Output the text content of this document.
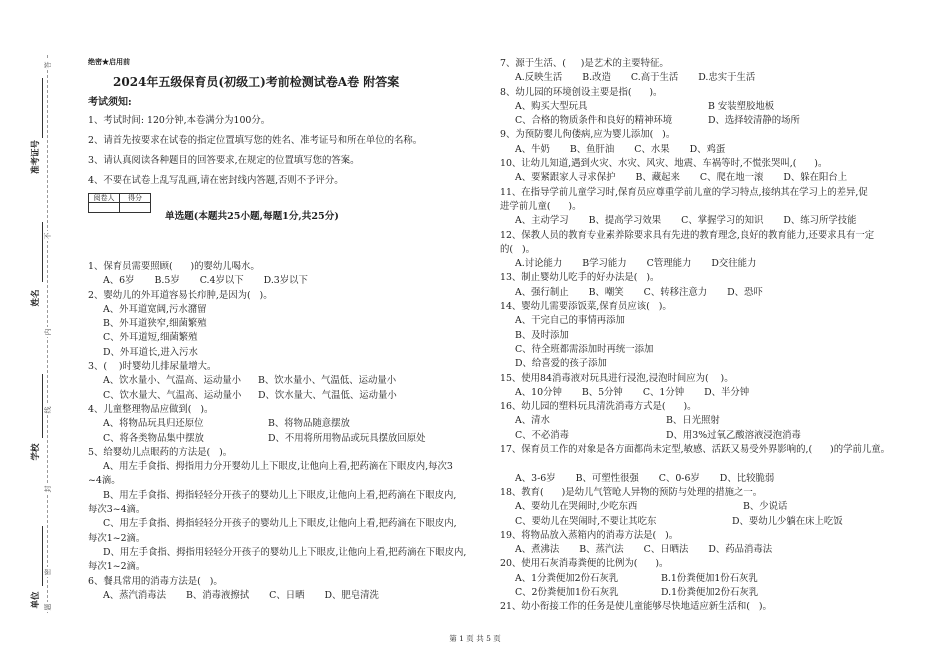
准考证号
姓名
学校
单位
答
不
内
线
封
密
题
绝密★启用前
2024年五级保育员(初级工)考前检测试卷A卷 附答案
考试须知:
1、考试时间: 120分钟,本卷满分为100分。
2、请首先按要求在试卷的指定位置填写您的姓名、准考证号和所在单位的名称。
3、请认真阅读各种题目的回答要求,在规定的位置填写您的答案。
4、不要在试卷上乱写乱画,请在密封线内答题,否则不予评分。
阅卷人	得分

单选题(本题共25小题,每题1分,共25分)
1、保育员需要照顾(      )的婴幼儿喝水。
A、6岁 B.5岁 C.4岁以下 D.3岁以下
2、婴幼儿的外耳道容易长疖肿,是因为(   )。
A、外耳道宽阔,污水潴留
B、外耳道狭窄,细菌繁殖
C、外耳道短,细菌繁殖
D、外耳道长,进入污水
3、(    )时婴幼儿排尿量增大。
A、饮水量小、气温高、运动量小 B、饮水量小、气温低、运动量小
C、饮水量大、气温高、运动量小 D、饮水量大、气温低、运动量小
4、儿童整理物品应做到(   )。
A、将物品玩具归还原位	B、将物品随意摆放
C、将各类物品集中摆放	D、不用将所用物品或玩具摆放回原处
5、给婴幼儿点眼药的方法是(   )。
A、用左手食指、拇指用力分开婴幼儿上下眼皮,让他向上看,把药滴在下眼皮内,每次3
~4滴。
B、用左手食指、拇指轻轻分开孩子的婴幼儿上下眼皮,让他向上看,把药滴在下眼皮内,
每次3~4滴。
C、用左手食指、拇指轻轻分开孩子的婴幼儿上下眼皮,让他向上看,把药滴在下眼皮内,
每次1~2滴。
D、用左手食指、拇指用轻轻分开孩子的婴幼儿上下眼皮,让他向上看,把药滴在下眼皮内,
每次1~2滴。
6、餐具常用的消毒方法是(   )。
A、蒸汽消毒法 B、消毒液擦拭 C、日晒 D、肥皂清洗
7、源于生活、(     )是艺术的主要特征。
A.反映生活 B.改造 C.高于生活 D.忠实于生活
8、幼儿园的环境创设主要是指(      )。
A、购买大型玩具	B 安装塑胶地板
C、合格的物质条件和良好的精神环境	D、选择较清静的场所
9、为预防婴儿佝偻病,应为婴儿添加(   )。
A、牛奶 B、鱼肝油 C、水果 D、鸡蛋
10、让幼儿知道,遇到火灾、水灾、风灾、地震、车祸等时,不慌张哭叫,(      )。
A、要紧跟家人寻求保护 B、藏起来 C、爬在地一滚 D、躲在阳台上
11、在指导学前儿童学习时,保育员应尊重学前儿童的学习特点,接纳其在学习上的差异,促
进学前儿童(      )。
A、主动学习 B、提高学习效果 C、掌握学习的知识 D、练习所学技能
12、保教人员的教育专业素养除要求具有先进的教育理念,良好的教育能力,还要求具有一定
的(   )。
A.讨论能力 B学习能力 C管理能力 D交往能力
13、制止婴幼儿吃手的好办法是(   )。
A、强行制止 B、嘲笑 C、转移注意力 D、恐吓
14、婴幼儿需要添饭菜,保育员应该(   )。
A、干完自己的事情再添加
B、及时添加
C、待全班都需添加时再统一添加
D、给喜爱的孩子添加
15、使用84消毒液对玩具进行浸泡,浸泡时间应为(    )。
A、10分钟 B、5分钟 C、1分钟 D、半分钟
16、幼儿园的塑料玩具清洗消毒方式是(      )。
A、清水	B、日光照射
C、不必消毒	D、用3%过氧乙酸溶液浸泡消毒
17、保育员工作的对象是各方面都尚未定型,敏感、活跃又易受外界影响的,(      )的学前儿童。
A、3-6岁 B、可塑性很强 C、0-6岁 D、比较脆弱
18、教育(      )是幼儿气管呛人异物的预防与处理的措施之一。
A、要幼儿在哭闹时,少吃东西	B、少说话
C、要幼儿在哭闹时,不要让其吃东	D、要幼儿少躺在床上吃饭
19、将物品放入蒸箱内的消毒方法是(   )。
A、煮沸法 B、蒸汽法 C、日晒法 D、药品消毒法
20、使用石灰消毒粪便的比例为(      )。
A、1分粪便加2份石灰乳	B.1份粪便加1份石灰乳
C、2份粪便加1份石灰乳	D.1份粪便加2份石灰乳
21、幼小衔接工作的任务是使儿童能够尽快地适应新生活和(   )。
第 1 页 共 5 页
